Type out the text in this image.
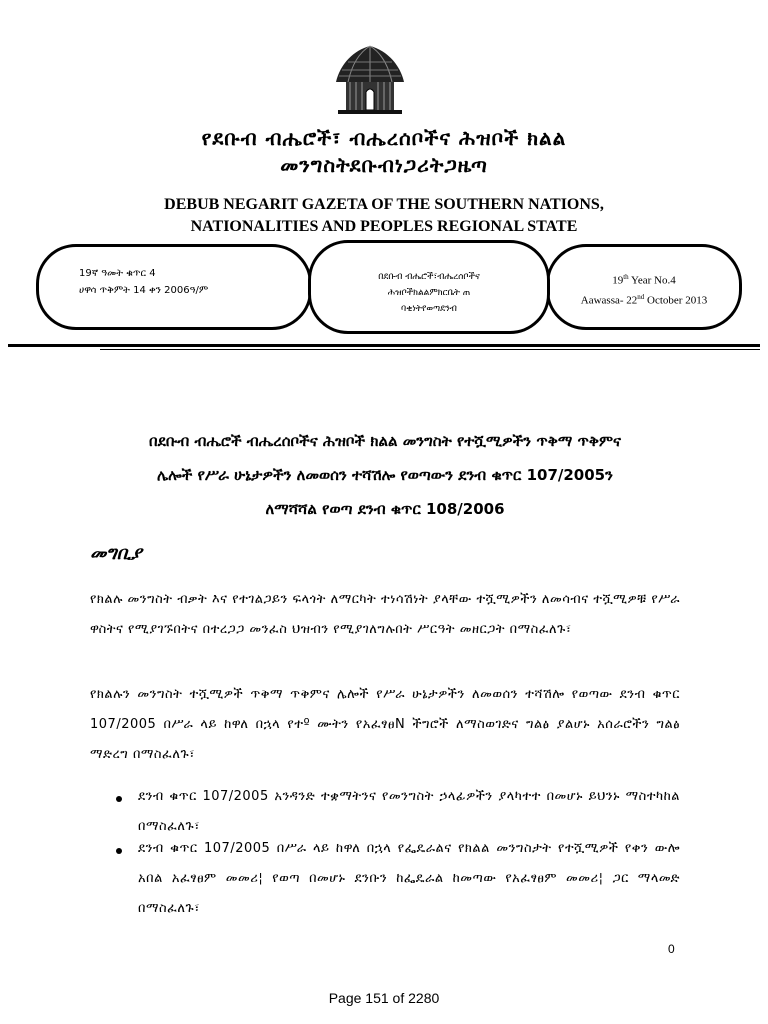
የደቡብ ብሔሮች፣ ብሔረሰቦችና ሕዝቦች ክልል
መንግስትደቡብነጋሪትጋዜጣ
DEBUB NEGARIT GAZETA OF THE SOUTHERN NATIONS,
NATIONALITIES AND PEOPLES REGIONAL STATE
19ኛ ዓመት ቁጥር 4
ሀዋሳ ጥቅምት 14 ቀን 2006ዓ/ም
19th Year No.4
Aawassa- 22nd October 2013
በደቡብ ብሔሮች፣ብሔረሰቦችና
ሕዝቦችክልልምክርቤት ጠ
ባቂነትየወጣደንብ
በደቡብ ብሔሮች ብሔረሰቦችና ሕዝቦች ክልል መንግስት የተሿሚዎችን ጥቅማ ጥቅምና
ሌሎች የሥራ ሁኔታዎችን ለመወሰን ተሻሽሎ የወጣውን ደንብ ቁጥር 107/2005ን
ለማሻሻል የወጣ ደንብ ቁጥር 108/2006
መግቢያ
የክልሉ መንግስት ብቃት እና የተገልጋይን ፍላጎት ለማርካት ተነሳሽነት ያላቸው ተሿሚዎችን ለመሳብና ተሿሚዎቹ የሥራ ዋስትና የሚያገኙበትና በተረጋጋ መንፈስ ህዝብን የሚያገለግሉበት ሥርዓት መዘርጋት በማስፈለጉ፣
የክልሉን መንግስት ተሿሚዎች ጥቅማ ጥቅምና ሌሎች የሥራ ሁኔታዎችን ለመወሰን ተሻሽሎ የወጣው ደንብ ቁጥር 107/2005 በሥራ ላይ ከዋለ በኋላ የተº ሙትን የአፈፃፀN ችግሮች ለማስወገድና ግልፅ ያልሆኑ አሰራሮችን ግልፅ ማድረግ በማስፈለጉ፣
ደንብ ቁጥር 107/2005 አንዳንድ ተቋማትንና የመንግስት ኃላፊዎችን ያላካተተ በመሆኑ ይህንኑ ማስተካከል በማስፈለጉ፣
ደንብ ቁጥር 107/2005 በሥራ ላይ ከዋለ በኋላ የፌዴራልና የክልል መንግስታት የተሿሚዎች የቀን ውሎ አበል አፈፃፀም መመሪ¦ የወጣ በመሆኑ ደንቡን ከፌዴራል ከመጣው የአፈፃፀም መመሪ¦ ጋር ማላመድ በማስፈለጉ፣
0
Page 151 of 2280
